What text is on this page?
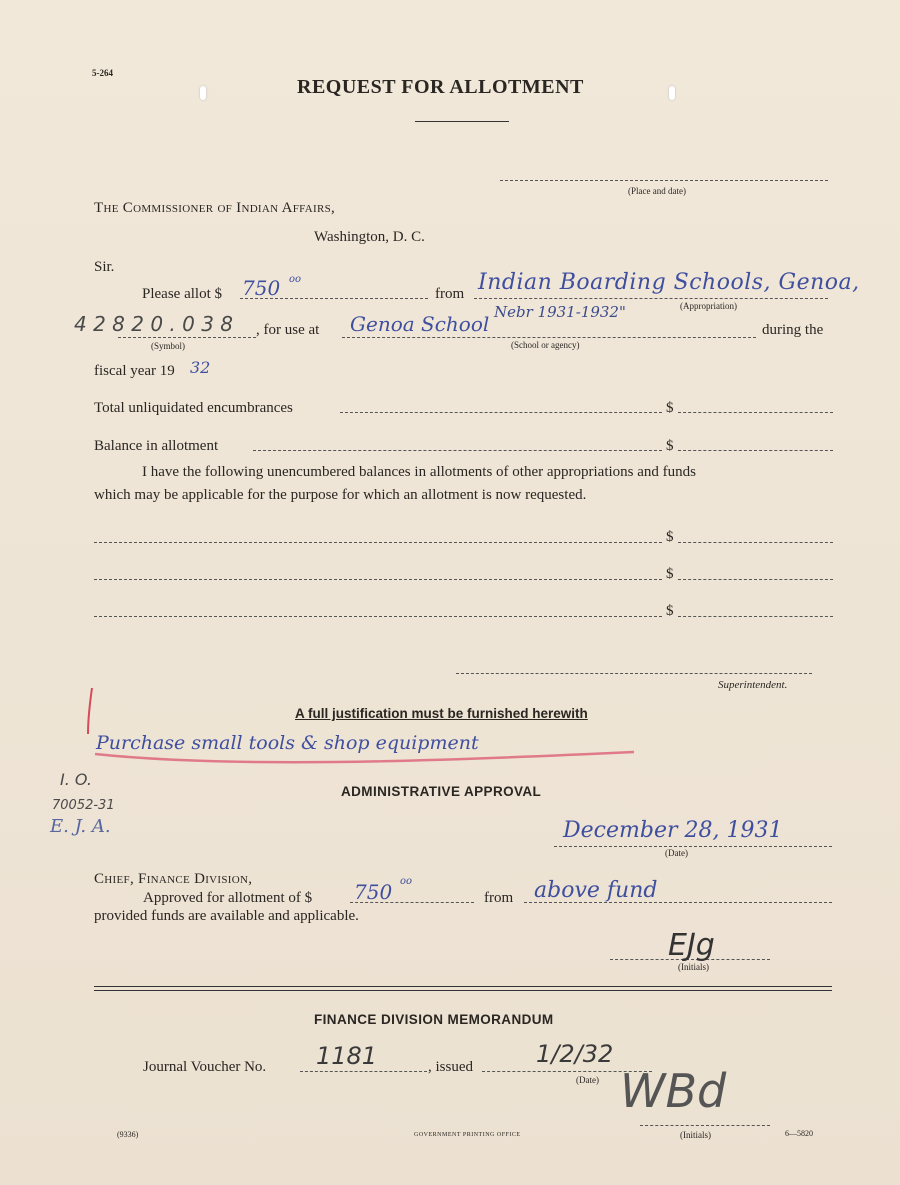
5-264
REQUEST FOR ALLOTMENT
(Place and date)
The Commissioner of Indian Affairs,
Washington, D. C.
Sir.
Please allot $ 750 oo
from Indian Boarding Schools, Genoa,
(Appropriation)
Nebr 1931-1932"
4 2 8 2 0 . 0 3 8
(Symbol)
, for use at Genoa School
(School or agency)
during the
fiscal year 19 32
Total unliquidated encumbrances	$
Balance in allotment	$
I have the following unencumbered balances in allotments of other appropriations and funds
which may be applicable for the purpose for which an allotment is now requested.
$
$
$
Superintendent.
A full justification must be furnished herewith
Purchase small tools & shop equipment
I. O.
70052-31
E. J. A.
ADMINISTRATIVE APPROVAL
December 28, 1931
(Date)
Chief, Finance Division,
Approved for allotment of $ 750 oo
from above fund
provided funds are available and applicable.
EJg
(Initials)
FINANCE DIVISION MEMORANDUM
Journal Voucher No. 1181	, issued	1/2/32
(Date) WBd
(Initials)
(9336)	GOVERNMENT PRINTING OFFICE	6—5820
